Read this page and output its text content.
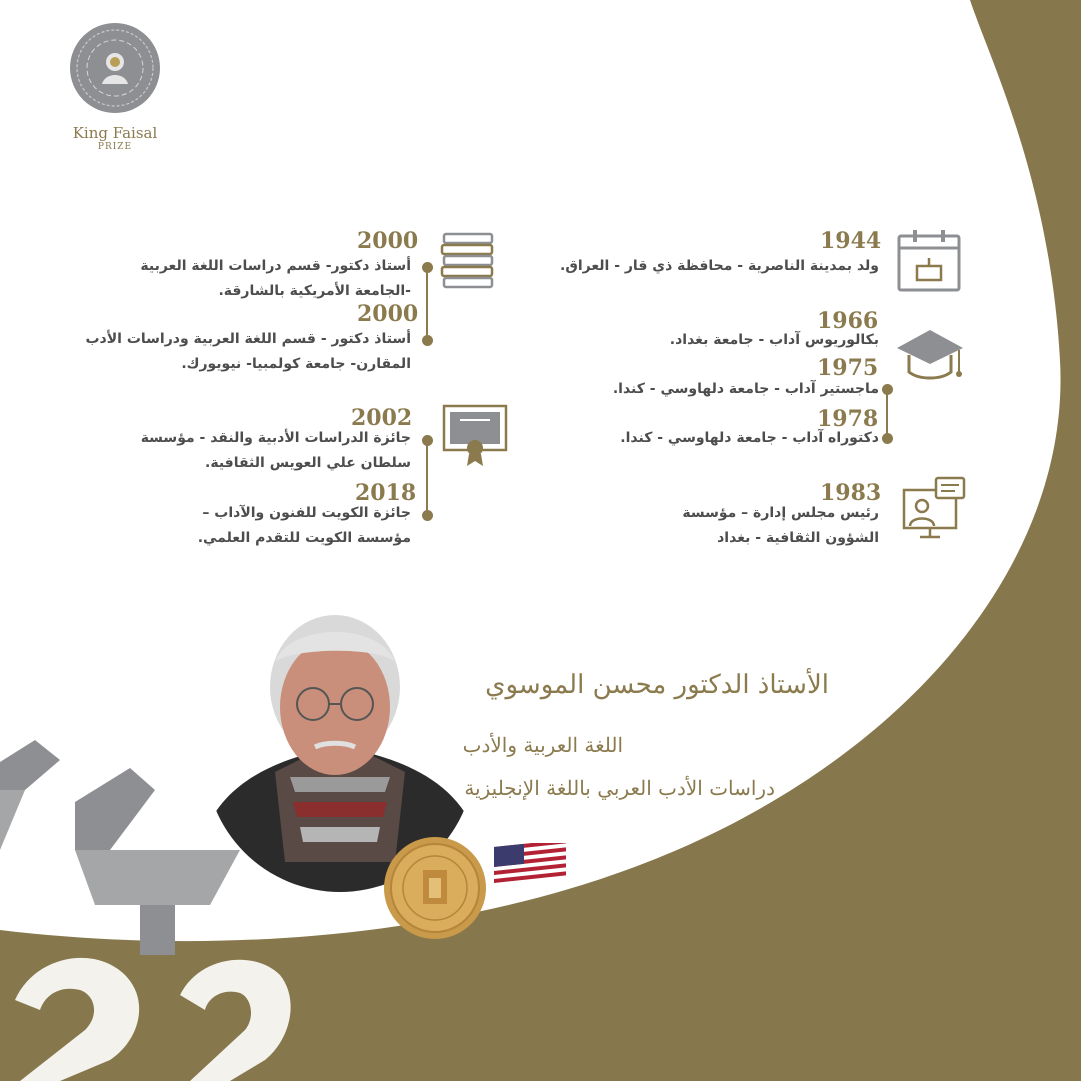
King Faisal
PRIZE
1944
ولد بمدينة الناصرية - محافظة ذي قار - العراق.
1966
بكالوريوس آداب - جامعة بغداد.
1975
ماجستير آداب - جامعة دلهاوسي - كندا.
1978
دكتوراه آداب - جامعة دلهاوسي - كندا.
1983
رئيس مجلس إدارة – مؤسسة
الشؤون الثقافية - بغداد
2000
أستاذ دكتور- قسم دراسات اللغة العربية
-الجامعة الأمريكية بالشارقة.
2000
أستاذ دكتور - قسم اللغة العربية ودراسات الأدب
المقارن- جامعة كولمبيا- نيويورك.
2002
جائزة الدراسات الأدبية والنقد - مؤسسة
سلطان علي العويس الثقافية.
2018
جائزة الكويت للفنون والآداب –
مؤسسة الكويت للتقدم العلمي.
الأستاذ الدكتور محسن الموسوي
اللغة العربية والأدب
دراسات الأدب العربي باللغة الإنجليزية
